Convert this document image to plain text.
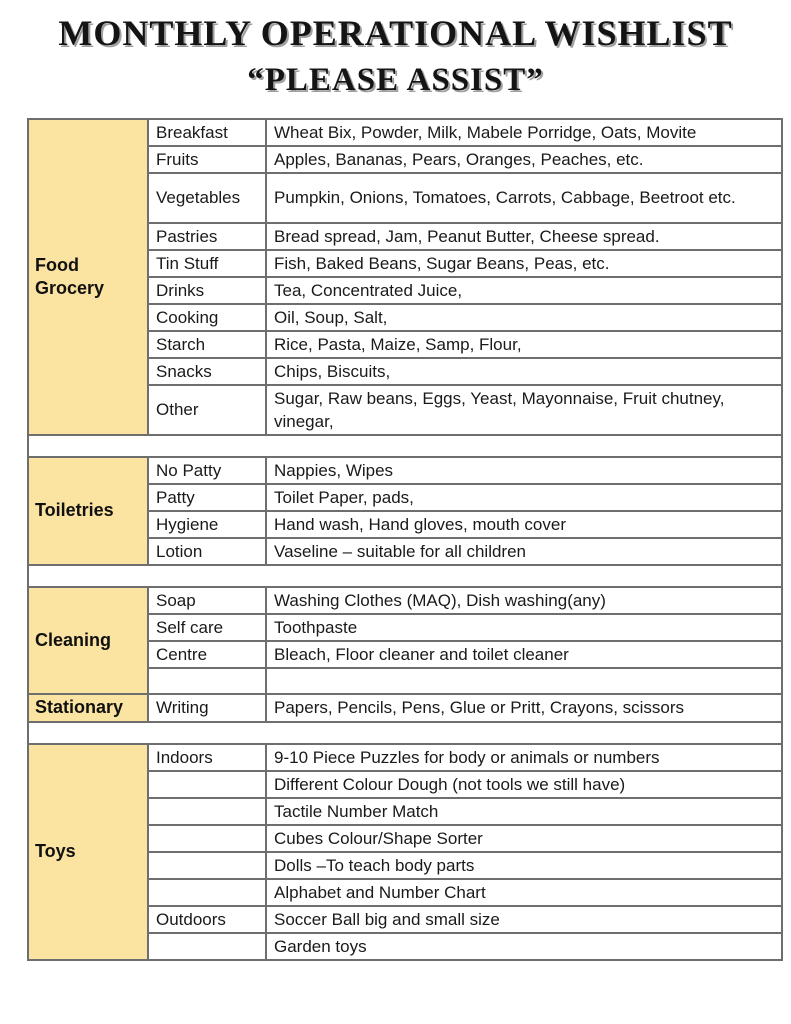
MONTHLY OPERATIONAL WISHLIST
“PLEASE ASSIST”
Food Grocery	Breakfast	Wheat Bix, Powder, Milk, Mabele Porridge, Oats, Movite
	Fruits	Apples, Bananas, Pears, Oranges, Peaches, etc.
	Vegetables	Pumpkin, Onions, Tomatoes, Carrots, Cabbage, Beetroot etc.
	Pastries	Bread spread, Jam, Peanut Butter, Cheese spread.
	Tin Stuff	Fish, Baked Beans, Sugar Beans, Peas, etc.
	Drinks	Tea, Concentrated Juice,
	Cooking	Oil, Soup, Salt,
	Starch	Rice, Pasta, Maize, Samp, Flour,
	Snacks	Chips, Biscuits,
	Other	Sugar, Raw beans, Eggs, Yeast, Mayonnaise, Fruit chutney, vinegar,

Toiletries	No Patty	Nappies, Wipes
	Patty	Toilet Paper, pads,
	Hygiene	Hand wash, Hand gloves, mouth cover
	Lotion	Vaseline – suitable for all children

Cleaning	Soap	Washing Clothes (MAQ), Dish washing(any)
	Self care	Toothpaste
	Centre	Bleach, Floor cleaner and toilet cleaner

Stationary	Writing	Papers, Pencils, Pens, Glue or Pritt, Crayons, scissors

Toys	Indoors	9-10 Piece Puzzles for body or animals or numbers
		Different Colour Dough (not tools we still have)
		Tactile Number Match
		Cubes Colour/Shape Sorter
		Dolls –To teach body parts
		Alphabet and Number Chart
	Outdoors	Soccer Ball big and small size
		Garden toys
